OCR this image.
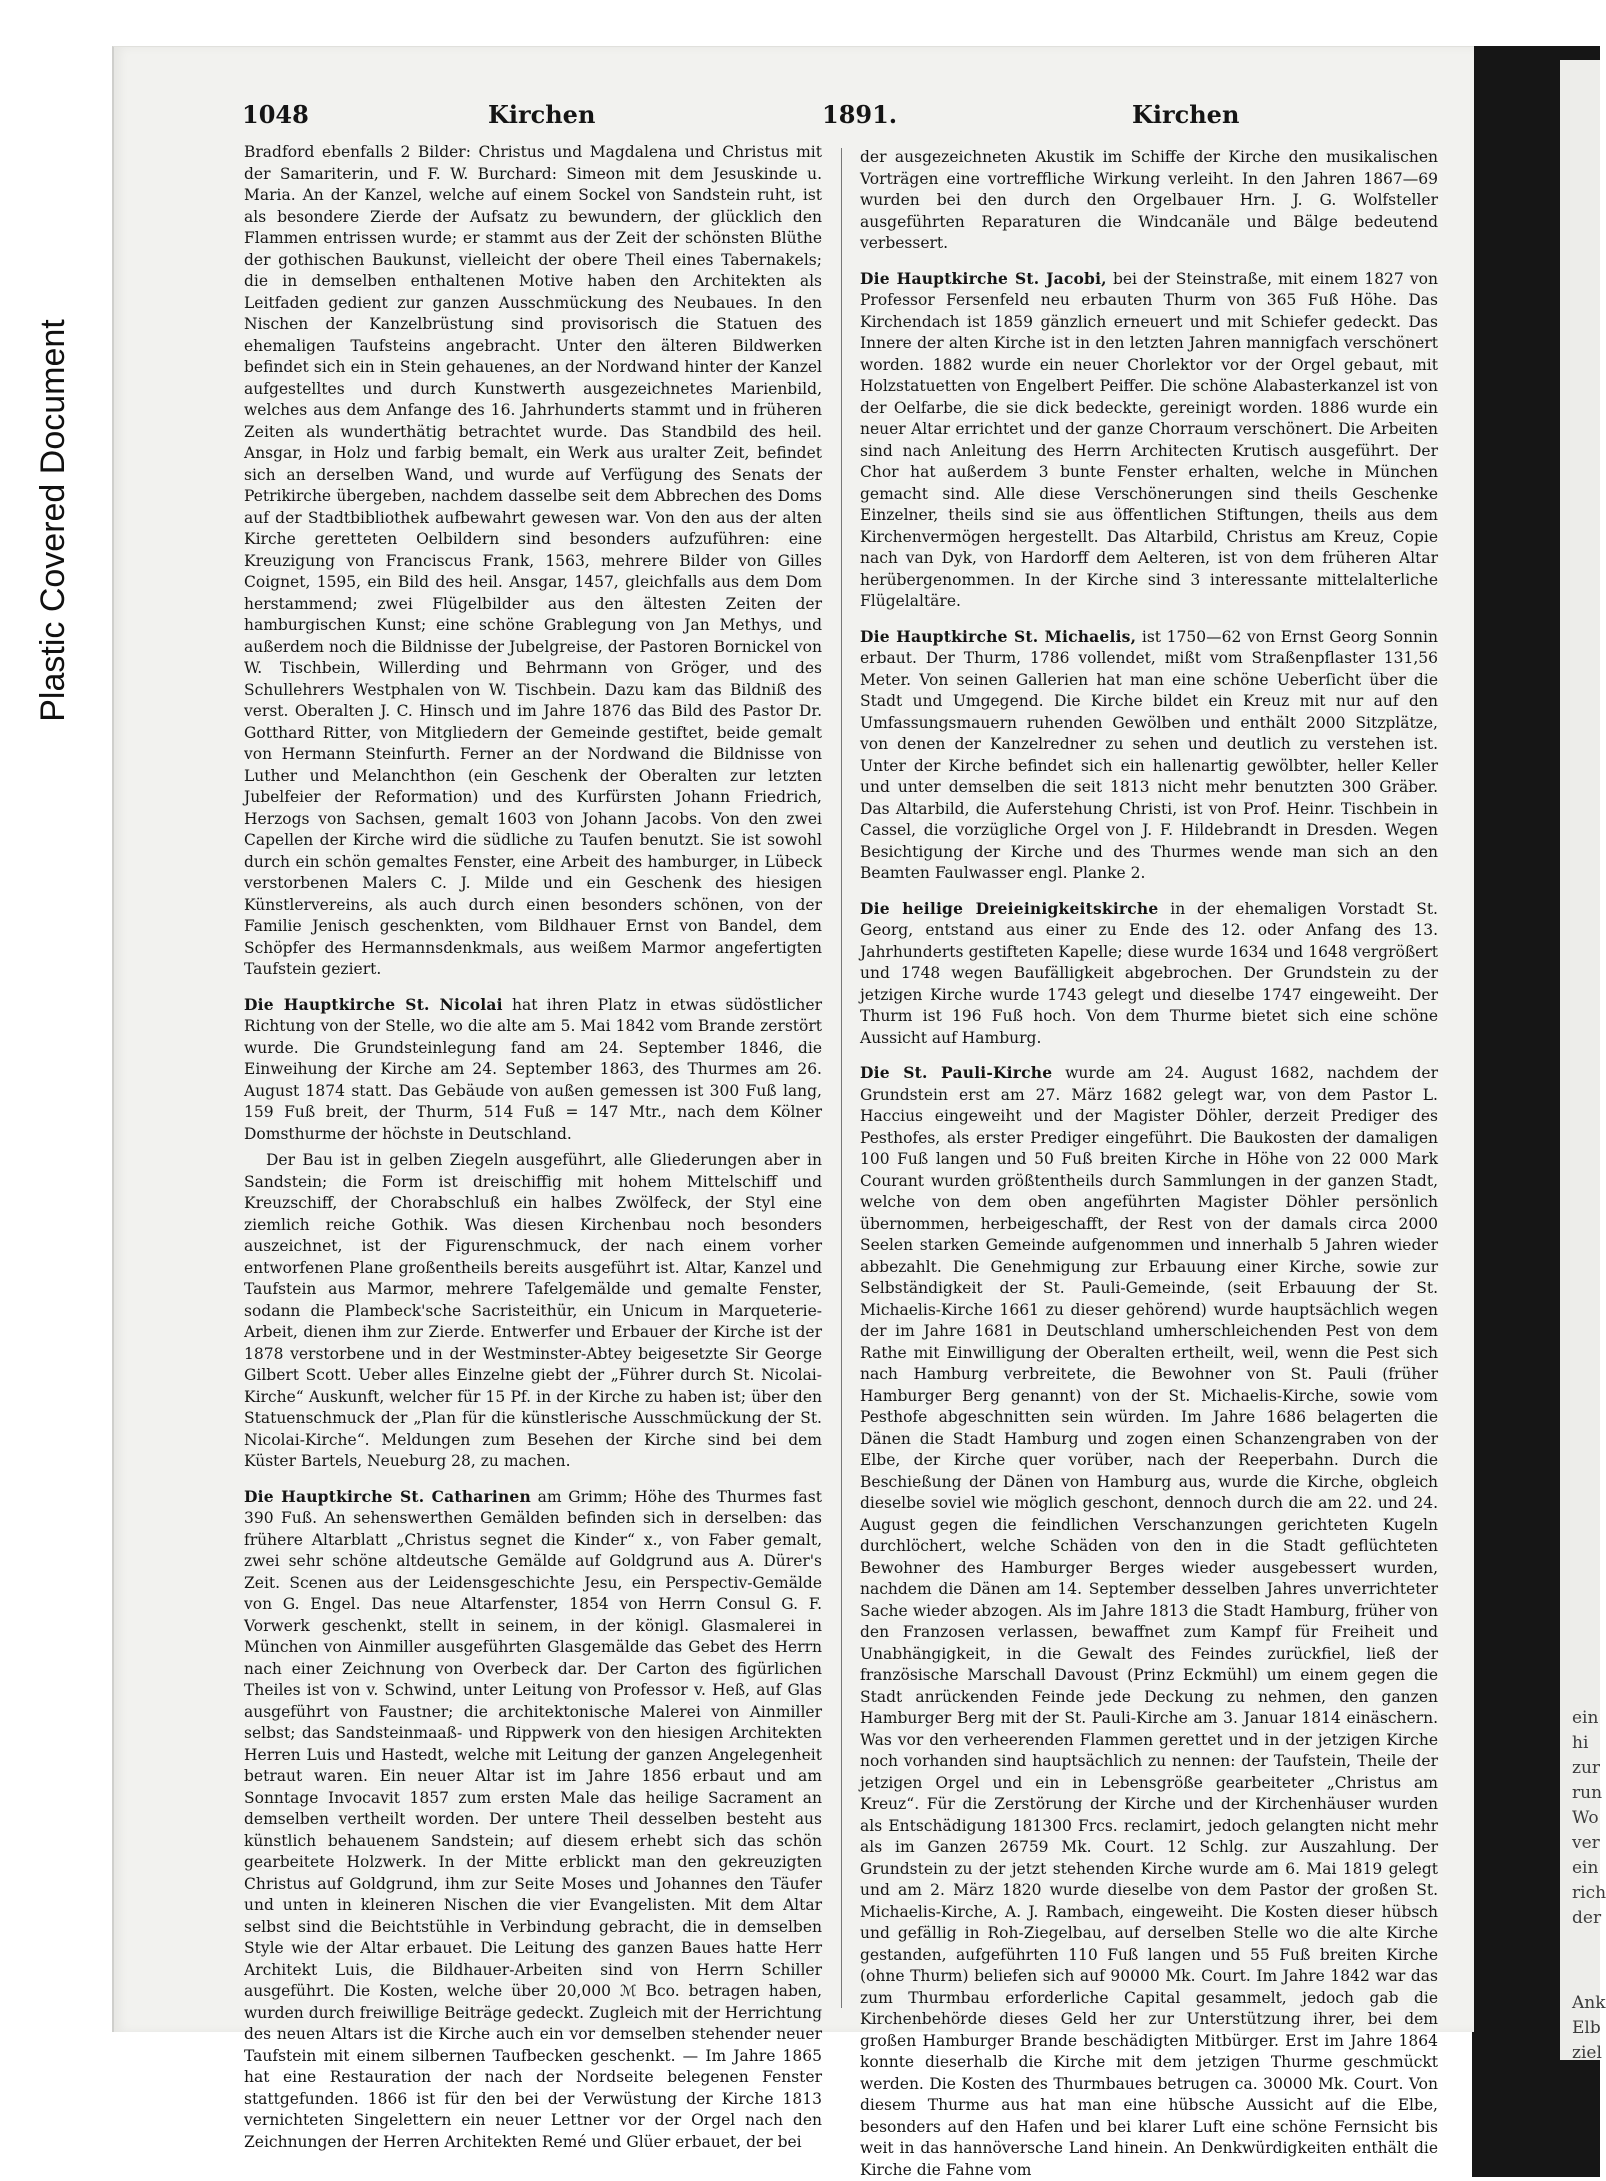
Plastic Covered Document
ein
hi
zur
run
Wo
ver
ein
rich
der
Ank
Elb
ziel
1048	Kirchen	1891.	Kirchen

Bradford ebenfalls 2 Bilder: Christus und Magdalena und Christus mit der Samariterin, und F. W. Burchard: Simeon mit dem Jesuskinde u. Maria. An der Kanzel, welche auf einem Sockel von Sandstein ruht, ist als besondere Zierde der Aufsatz zu bewundern, der glücklich den Flammen entrissen wurde; er stammt aus der Zeit der schönsten Blüthe der gothischen Baukunst, vielleicht der obere Theil eines Tabernakels; die in demselben enthaltenen Motive haben den Architekten als Leitfaden gedient zur ganzen Ausschmückung des Neubaues. In den Nischen der Kanzelbrüstung sind provisorisch die Statuen des ehemaligen Taufsteins angebracht. Unter den älteren Bildwerken befindet sich ein in Stein gehauenes, an der Nordwand hinter der Kanzel aufgestelltes und durch Kunstwerth ausgezeichnetes Marienbild, welches aus dem Anfange des 16. Jahrhunderts stammt und in früheren Zeiten als wunderthätig betrachtet wurde. Das Standbild des heil. Ansgar, in Holz und farbig bemalt, ein Werk aus uralter Zeit, befindet sich an derselben Wand, und wurde auf Verfügung des Senats der Petrikirche übergeben, nachdem dasselbe seit dem Abbrechen des Doms auf der Stadtbibliothek aufbewahrt gewesen war. Von den aus der alten Kirche geretteten Oelbildern sind besonders aufzuführen: eine Kreuzigung von Franciscus Frank, 1563, mehrere Bilder von Gilles Coignet, 1595, ein Bild des heil. Ansgar, 1457, gleichfalls aus dem Dom herstammend; zwei Flügelbilder aus den ältesten Zeiten der hamburgischen Kunst; eine schöne Grablegung von Jan Methys, und außerdem noch die Bildnisse der Jubelgreise, der Pastoren Bornickel von W. Tischbein, Willerding und Behrmann von Gröger, und des Schullehrers Westphalen von W. Tischbein. Dazu kam das Bildniß des verst. Oberalten J. C. Hinsch und im Jahre 1876 das Bild des Pastor Dr. Gotthard Ritter, von Mitgliedern der Gemeinde gestiftet, beide gemalt von Hermann Steinfurth. Ferner an der Nordwand die Bildnisse von Luther und Melanchthon (ein Geschenk der Oberalten zur letzten Jubelfeier der Reformation) und des Kurfürsten Johann Friedrich, Herzogs von Sachsen, gemalt 1603 von Johann Jacobs. Von den zwei Capellen der Kirche wird die südliche zu Taufen benutzt. Sie ist sowohl durch ein schön gemaltes Fenster, eine Arbeit des hamburger, in Lübeck verstorbenen Malers C. J. Milde und ein Geschenk des hiesigen Künstlervereins, als auch durch einen besonders schönen, von der Familie Jenisch geschenkten, vom Bildhauer Ernst von Bandel, dem Schöpfer des Hermannsdenkmals, aus weißem Marmor angefertigten Taufstein geziert.

Die Hauptkirche St. Nicolai hat ihren Platz in etwas südöstlicher Richtung von der Stelle, wo die alte am 5. Mai 1842 vom Brande zerstört wurde. Die Grundsteinlegung fand am 24. September 1846, die Einweihung der Kirche am 24. September 1863, des Thurmes am 26. August 1874 statt. Das Gebäude von außen gemessen ist 300 Fuß lang, 159 Fuß breit, der Thurm, 514 Fuß = 147 Mtr., nach dem Kölner Domsthurme der höchste in Deutschland.

Der Bau ist in gelben Ziegeln ausgeführt, alle Gliederungen aber in Sandstein; die Form ist dreischiffig mit hohem Mittelschiff und Kreuzschiff, der Chorabschluß ein halbes Zwölfeck, der Styl eine ziemlich reiche Gothik. Was diesen Kirchenbau noch besonders auszeichnet, ist der Figurenschmuck, der nach einem vorher entworfenen Plane großentheils bereits ausgeführt ist. Altar, Kanzel und Taufstein aus Marmor, mehrere Tafelgemälde und gemalte Fenster, sodann die Plambeck'sche Sacristeithür, ein Unicum in Marqueterie-Arbeit, dienen ihm zur Zierde. Entwerfer und Erbauer der Kirche ist der 1878 verstorbene und in der Westminster-Abtey beigesetzte Sir George Gilbert Scott. Ueber alles Einzelne giebt der „Führer durch St. Nicolai-Kirche“ Auskunft, welcher für 15 Pf. in der Kirche zu haben ist; über den Statuenschmuck der „Plan für die künstlerische Ausschmückung der St. Nicolai-Kirche“. Meldungen zum Besehen der Kirche sind bei dem Küster Bartels, Neueburg 28, zu machen.

Die Hauptkirche St. Catharinen am Grimm; Höhe des Thurmes fast 390 Fuß. An sehenswerthen Gemälden befinden sich in derselben: das frühere Altarblatt „Christus segnet die Kinder“ x., von Faber gemalt, zwei sehr schöne altdeutsche Gemälde auf Goldgrund aus A. Dürer's Zeit. Scenen aus der Leidensgeschichte Jesu, ein Perspectiv-Gemälde von G. Engel. Das neue Altarfenster, 1854 von Herrn Consul G. F. Vorwerk geschenkt, stellt in seinem, in der königl. Glasmalerei in München von Ainmiller ausgeführten Glasgemälde das Gebet des Herrn nach einer Zeichnung von Overbeck dar. Der Carton des figürlichen Theiles ist von v. Schwind, unter Leitung von Professor v. Heß, auf Glas ausgeführt von Faustner; die architektonische Malerei von Ainmiller selbst; das Sandsteinmaaß- und Rippwerk von den hiesigen Architekten Herren Luis und Hastedt, welche mit Leitung der ganzen Angelegenheit betraut waren. Ein neuer Altar ist im Jahre 1856 erbaut und am Sonntage Invocavit 1857 zum ersten Male das heilige Sacrament an demselben vertheilt worden. Der untere Theil desselben besteht aus künstlich behauenem Sandstein; auf diesem erhebt sich das schön gearbeitete Holzwerk. In der Mitte erblickt man den gekreuzigten Christus auf Goldgrund, ihm zur Seite Moses und Johannes den Täufer und unten in kleineren Nischen die vier Evangelisten. Mit dem Altar selbst sind die Beichtstühle in Verbindung gebracht, die in demselben Style wie der Altar erbauet. Die Leitung des ganzen Baues hatte Herr Architekt Luis, die Bildhauer-Arbeiten sind von Herrn Schiller ausgeführt. Die Kosten, welche über 20,000 ℳ Bco. betragen haben, wurden durch freiwillige Beiträge gedeckt. Zugleich mit der Herrichtung des neuen Altars ist die Kirche auch ein vor demselben stehender neuer Taufstein mit einem silbernen Taufbecken geschenkt. — Im Jahre 1865 hat eine Restauration der nach der Nordseite belegenen Fenster stattgefunden. 1866 ist für den bei der Verwüstung der Kirche 1813 vernichteten Singelettern ein neuer Lettner vor der Orgel nach den Zeichnungen der Herren Architekten Remé und Glüer erbauet, der bei

der ausgezeichneten Akustik im Schiffe der Kirche den musikalischen Vorträgen eine vortreffliche Wirkung verleiht. In den Jahren 1867—69 wurden bei den durch den Orgelbauer Hrn. J. G. Wolfsteller ausgeführten Reparaturen die Windcanäle und Bälge bedeutend verbessert.

Die Hauptkirche St. Jacobi, bei der Steinstraße, mit einem 1827 von Professor Fersenfeld neu erbauten Thurm von 365 Fuß Höhe. Das Kirchendach ist 1859 gänzlich erneuert und mit Schiefer gedeckt. Das Innere der alten Kirche ist in den letzten Jahren mannigfach verschönert worden. 1882 wurde ein neuer Chorlektor vor der Orgel gebaut, mit Holzstatuetten von Engelbert Peiffer. Die schöne Alabasterkanzel ist von der Oelfarbe, die sie dick bedeckte, gereinigt worden. 1886 wurde ein neuer Altar errichtet und der ganze Chorraum verschönert. Die Arbeiten sind nach Anleitung des Herrn Architecten Krutisch ausgeführt. Der Chor hat außerdem 3 bunte Fenster erhalten, welche in München gemacht sind. Alle diese Verschönerungen sind theils Geschenke Einzelner, theils sind sie aus öffentlichen Stiftungen, theils aus dem Kirchenvermögen hergestellt. Das Altarbild, Christus am Kreuz, Copie nach van Dyk, von Hardorff dem Aelteren, ist von dem früheren Altar herübergenommen. In der Kirche sind 3 interessante mittelalterliche Flügelaltäre.

Die Hauptkirche St. Michaelis, ist 1750—62 von Ernst Georg Sonnin erbaut. Der Thurm, 1786 vollendet, mißt vom Straßenpflaster 131,56 Meter. Von seinen Gallerien hat man eine schöne Ueberſicht über die Stadt und Umgegend. Die Kirche bildet ein Kreuz mit nur auf den Umfassungsmauern ruhenden Gewölben und enthält 2000 Sitzplätze, von denen der Kanzelredner zu sehen und deutlich zu verstehen ist. Unter der Kirche befindet sich ein hallenartig gewölbter, heller Keller und unter demselben die seit 1813 nicht mehr benutzten 300 Gräber. Das Altarbild, die Auferstehung Christi, ist von Prof. Heinr. Tischbein in Cassel, die vorzügliche Orgel von J. F. Hildebrandt in Dresden. Wegen Besichtigung der Kirche und des Thurmes wende man sich an den Beamten Faulwasser engl. Planke 2.

Die heilige Dreieinigkeitskirche in der ehemaligen Vorstadt St. Georg, entstand aus einer zu Ende des 12. oder Anfang des 13. Jahrhunderts gestifteten Kapelle; diese wurde 1634 und 1648 vergrößert und 1748 wegen Baufälligkeit abgebrochen. Der Grundstein zu der jetzigen Kirche wurde 1743 gelegt und dieselbe 1747 eingeweiht. Der Thurm ist 196 Fuß hoch. Von dem Thurme bietet sich eine schöne Aussicht auf Hamburg.

Die St. Pauli-Kirche wurde am 24. August 1682, nachdem der Grundstein erst am 27. März 1682 gelegt war, von dem Pastor L. Haccius eingeweiht und der Magister Döhler, derzeit Prediger des Pesthofes, als erster Prediger eingeführt. Die Baukosten der damaligen 100 Fuß langen und 50 Fuß breiten Kirche in Höhe von 22 000 Mark Courant wurden größtentheils durch Sammlungen in der ganzen Stadt, welche von dem oben angeführten Magister Döhler persönlich übernommen, herbeigeschafft, der Rest von der damals circa 2000 Seelen starken Gemeinde aufgenommen und innerhalb 5 Jahren wieder abbezahlt. Die Genehmigung zur Erbauung einer Kirche, sowie zur Selbständigkeit der St. Pauli-Gemeinde, (seit Erbauung der St. Michaelis-Kirche 1661 zu dieser gehörend) wurde hauptsächlich wegen der im Jahre 1681 in Deutschland umherschleichenden Pest von dem Rathe mit Einwilligung der Oberalten ertheilt, weil, wenn die Pest sich nach Hamburg verbreitete, die Bewohner von St. Pauli (früher Hamburger Berg genannt) von der St. Michaelis-Kirche, sowie vom Pesthofe abgeschnitten sein würden. Im Jahre 1686 belagerten die Dänen die Stadt Hamburg und zogen einen Schanzengraben von der Elbe, der Kirche quer vorüber, nach der Reeperbahn. Durch die Beschießung der Dänen von Hamburg aus, wurde die Kirche, obgleich dieselbe soviel wie möglich geschont, dennoch durch die am 22. und 24. August gegen die feindlichen Verschanzungen gerichteten Kugeln durchlöchert, welche Schäden von den in die Stadt geflüchteten Bewohner des Hamburger Berges wieder ausgebessert wurden, nachdem die Dänen am 14. September desselben Jahres unverrichteter Sache wieder abzogen. Als im Jahre 1813 die Stadt Hamburg, früher von den Franzosen verlassen, bewaffnet zum Kampf für Freiheit und Unabhängigkeit, in die Gewalt des Feindes zurückfiel, ließ der französische Marschall Davoust (Prinz Eckmühl) um einem gegen die Stadt anrückenden Feinde jede Deckung zu nehmen, den ganzen Hamburger Berg mit der St. Pauli-Kirche am 3. Januar 1814 einäschern. Was vor den verheerenden Flammen gerettet und in der jetzigen Kirche noch vorhanden sind hauptsächlich zu nennen: der Taufstein, Theile der jetzigen Orgel und ein in Lebensgröße gearbeiteter „Christus am Kreuz“. Für die Zerstörung der Kirche und der Kirchenhäuser wurden als Entschädigung 181300 Frcs. reclamirt, jedoch gelangten nicht mehr als im Ganzen 26759 Mk. Court. 12 Schlg. zur Auszahlung. Der Grundstein zu der jetzt stehenden Kirche wurde am 6. Mai 1819 gelegt und am 2. März 1820 wurde dieselbe von dem Pastor der großen St. Michaelis-Kirche, A. J. Rambach, eingeweiht. Die Kosten dieser hübsch und gefällig in Roh-Ziegelbau, auf derselben Stelle wo die alte Kirche gestanden, aufgeführten 110 Fuß langen und 55 Fuß breiten Kirche (ohne Thurm) beliefen sich auf 90000 Mk. Court. Im Jahre 1842 war das zum Thurmbau erforderliche Capital gesammelt, jedoch gab die Kirchenbehörde dieses Geld her zur Unterstützung ihrer, bei dem großen Hamburger Brande beschädigten Mitbürger. Erst im Jahre 1864 konnte dieserhalb die Kirche mit dem jetzigen Thurme geschmückt werden. Die Kosten des Thurmbaues betrugen ca. 30000 Mk. Court. Von diesem Thurme aus hat man eine hübsche Aussicht auf die Elbe, besonders auf den Hafen und bei klarer Luft eine schöne Fernsicht bis weit in das hannöversche Land hinein. An Denkwürdigkeiten enthält die Kirche die Fahne vom
